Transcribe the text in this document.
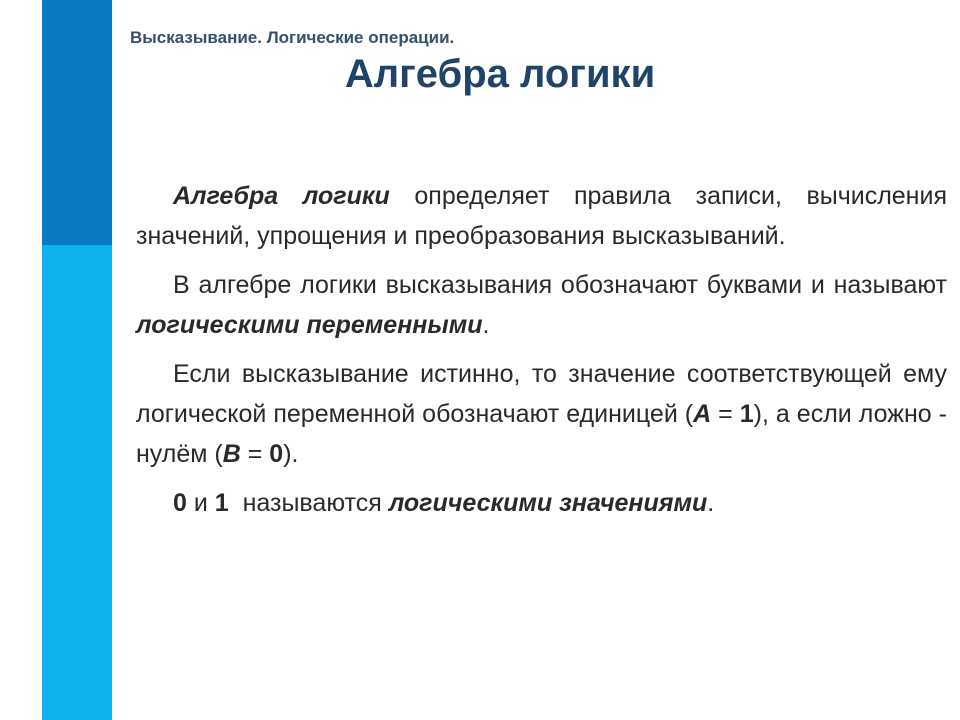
Высказывание. Логические операции.
Алгебра логики

Алгебра логики определяет правила записи, вычисления значений, упрощения и преобразования высказываний.

В алгебре логики высказывания обозначают буквами и называют логическими переменными.

Если высказывание истинно, то значение соответствующей ему логической переменной обозначают единицей (А = 1), а если ложно - нулём (В = 0).

0 и 1  называются логическими значениями.
